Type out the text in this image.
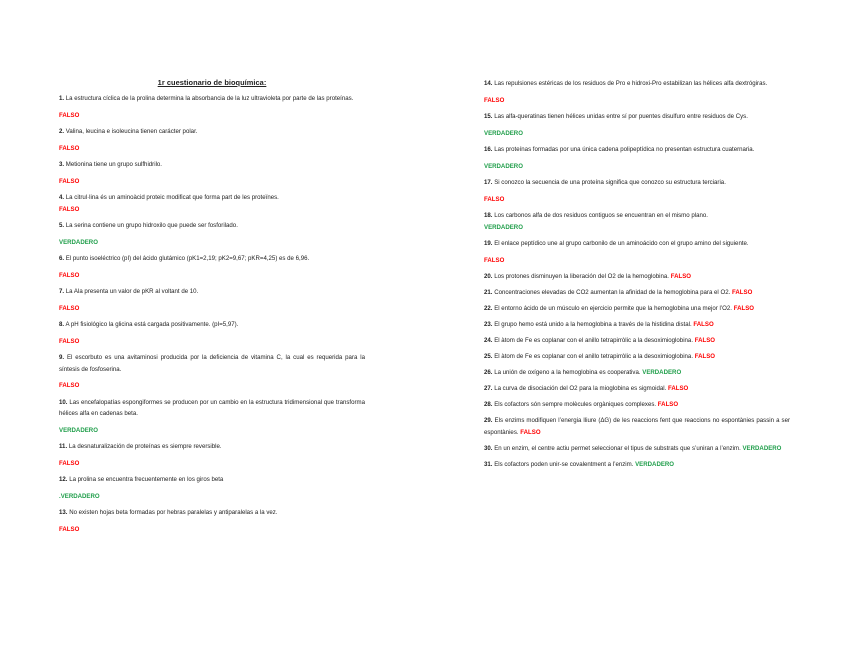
1r cuestionario de bioquímica:

1. La estructura cíclica de la prolina determina la absorbancia de la luz ultravioleta por parte de las proteínas.

FALSO

2. Valina, leucina e isoleucina tienen carácter polar.

FALSO

3. Metionina tiene un grupo sulfhidrilo.

FALSO

4. La citrul·lina és un aminoàcid proteic modificat que forma part de les proteïnes.

FALSO

5. La serina contiene un grupo hidroxilo que puede ser fosforilado.

VERDADERO

6. El punto isoeléctrico (pI) del ácido glutámico (pK1=2,19; pK2=9,67; pKR=4,25) es de 6,96.

FALSO

7. La Ala presenta un valor de pKR al voltant de 10.

FALSO

8. A pH fisiológico la glicina está cargada positivamente. (pI=5,97).

FALSO

9. El escorbuto es una avitaminosi producida por la deficiencia de vitamina C, la cual es requerida para la síntesis de fosfoserina.

FALSO

10. Las encefalopatías espongiformes se producen por un cambio en la estructura tridimensional que transforma hélices alfa en cadenas beta.

VERDADERO

11. La desnaturalización de proteínas es siempre reversible.

FALSO

12. La prolina se encuentra frecuentemente en los giros beta

.VERDADERO

13. No existen hojas beta formadas por hebras paralelas y antiparalelas a la vez.

FALSO

14. Las repulsiones estéricas de los residuos de Pro e hidroxi-Pro estabilizan las hélices alfa dextrógiras.

FALSO

15. Las alfa-queratinas tienen hélices unidas entre sí por puentes disulfuro entre residuos de Cys.

VERDADERO

16. Las proteínas formadas por una única cadena polipeptídica no presentan estructura cuaternaria.

VERDADERO

17. Si conozco la secuencia de una proteína significa que conozco su estructura terciaria.

FALSO

18. Los carbonos alfa de dos residuos contiguos se encuentran en el mismo plano.

VERDADERO

19. El enlace peptídico une al grupo carbonilo de un aminoácido con el grupo amino del siguiente.

FALSO

20. Los protones disminuyen la liberación del O2 de la hemoglobina. FALSO

21. Concentraciones elevadas de CO2 aumentan la afinidad de la hemoglobina para el O2. FALSO

22. El entorno ácido de un músculo en ejercicio permite que la hemoglobina una mejor l’O2. FALSO

23. El grupo hemo está unido a la hemoglobina a través de la histidina distal. FALSO

24. El àtom de Fe es coplanar con el anillo tetrapirròlic a la desoximioglobina. FALSO

25. El àtom de Fe es coplanar con el anillo tetrapirròlic a la desoximioglobina. FALSO

26. La unión de oxígeno a la hemoglobina es cooperativa. VERDADERO

27. La curva de disociación del O2 para la mioglobina es sigmoidal. FALSO

28. Els cofactors són sempre molècules orgàniques complexes. FALSO

29. Els enzims modifiquen l’energia lliure (ΔG) de les reaccions fent que reaccions no espontànies passin a ser espontànies. FALSO

30. En un enzim, el centre actiu permet seleccionar el tipus de substrats que s’uniran a l’enzim. VERDADERO

31. Els cofactors poden unir-se covalentment a l’enzim. VERDADERO
